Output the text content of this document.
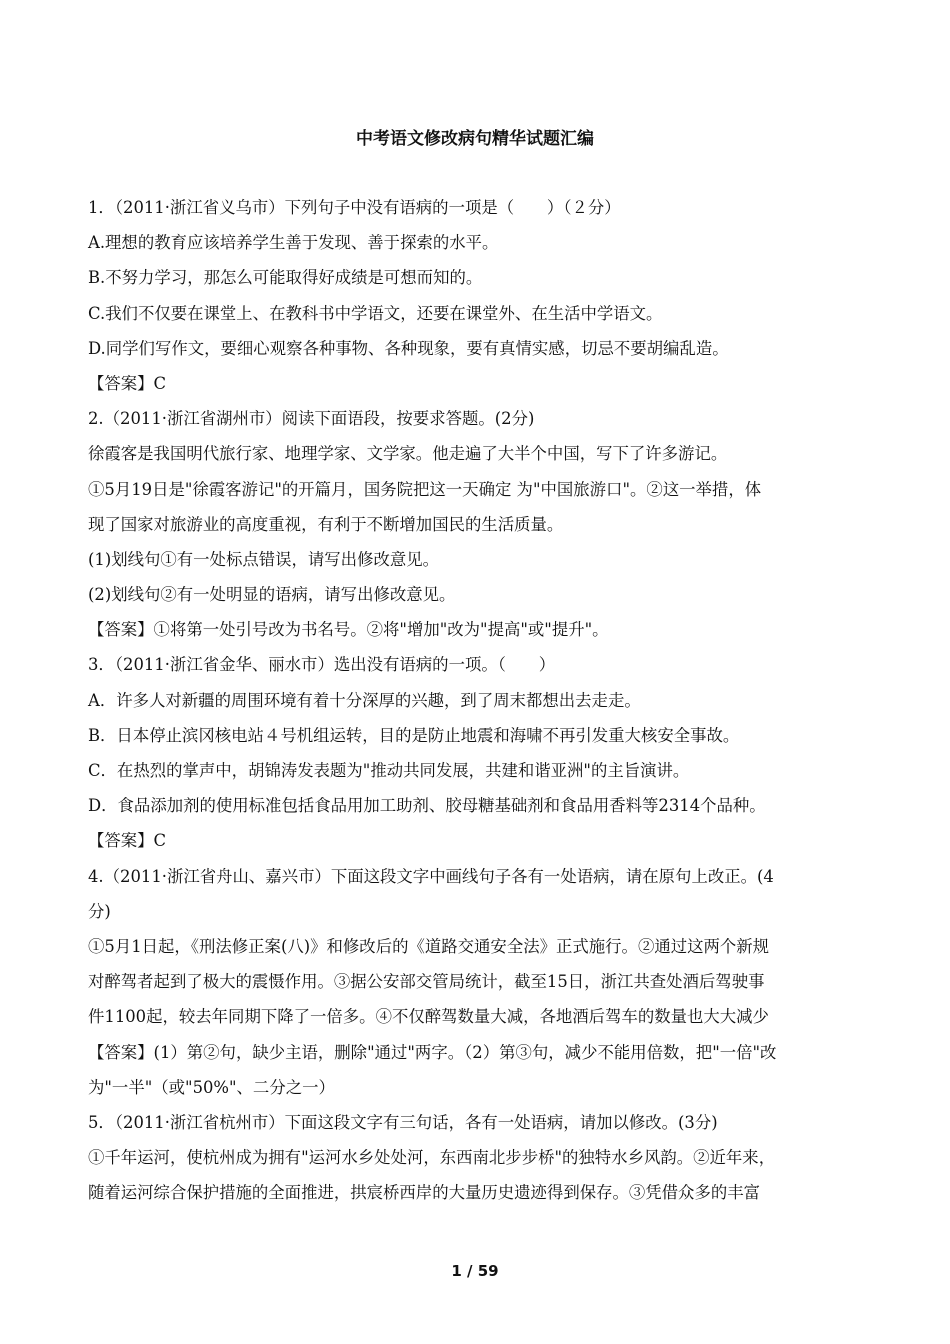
中考语文修改病句精华试题汇编
1．（2011·浙江省义乌市）下列句子中没有语病的一项是（　　）（２分）
A.理想的教育应该培养学生善于发现、善于探索的水平。
B.不努力学习，那怎么可能取得好成绩是可想而知的。
C.我们不仅要在课堂上、在教科书中学语文，还要在课堂外、在生活中学语文。
D.同学们写作文，要细心观察各种事物、各种现象，要有真情实感，切忌不要胡编乱造。
【答案】C
2.（2011·浙江省湖州市）阅读下面语段，按要求答题。(2分)
徐霞客是我国明代旅行家、地理学家、文学家。他走遍了大半个中国，写下了许多游记。
①5月19日是"徐霞客游记"的开篇月，国务院把这一天确定 为"中国旅游口"。②这一举措，体
现了国家对旅游业的高度重视，有利于不断增加国民的生活质量。
(1)划线句①有一处标点错误，请写出修改意见。
(2)划线句②有一处明显的语病，请写出修改意见。
【答案】①将第一处引号改为书名号。②将"增加"改为"提高"或"提升"。
3．（2011·浙江省金华、丽水市）选出没有语病的一项。（　　）
A．许多人对新疆的周围环境有着十分深厚的兴趣，到了周末都想出去走走。
B．日本停止滨冈核电站４号机组运转，目的是防止地震和海啸不再引发重大核安全事故。
C．在热烈的掌声中，胡锦涛发表题为"推动共同发展，共建和谐亚洲"的主旨演讲。
D．食品添加剂的使用标准包括食品用加工助剂、胶母糖基础剂和食品用香料等2314个品种。
【答案】C
4.（2011·浙江省舟山、嘉兴市）下面这段文字中画线句子各有一处语病，请在原句上改正。(4
分)
①5月1日起，《刑法修正案(八)》和修改后的《道路交通安全法》正式施行。②通过这两个新规
对醉驾者起到了极大的震慑作用。③据公安部交管局统计，截至15日，浙江共查处酒后驾驶事
件1100起，较去年同期下降了一倍多。④不仅醉驾数量大减，各地酒后驾车的数量也大大减少
【答案】(1）第②句，缺少主语，删除"通过"两字。（2）第③句，减少不能用倍数，把"一倍"改
为"一半"（或"50%"、二分之一）
5．（2011·浙江省杭州市）下面这段文字有三句话，各有一处语病，请加以修改。(3分)
①千年运河，使杭州成为拥有"运河水乡处处河，东西南北步步桥"的独特水乡风韵。②近年来，
随着运河综合保护措施的全面推进，拱宸桥西岸的大量历史遗迹得到保存。③凭借众多的丰富
1 / 59
